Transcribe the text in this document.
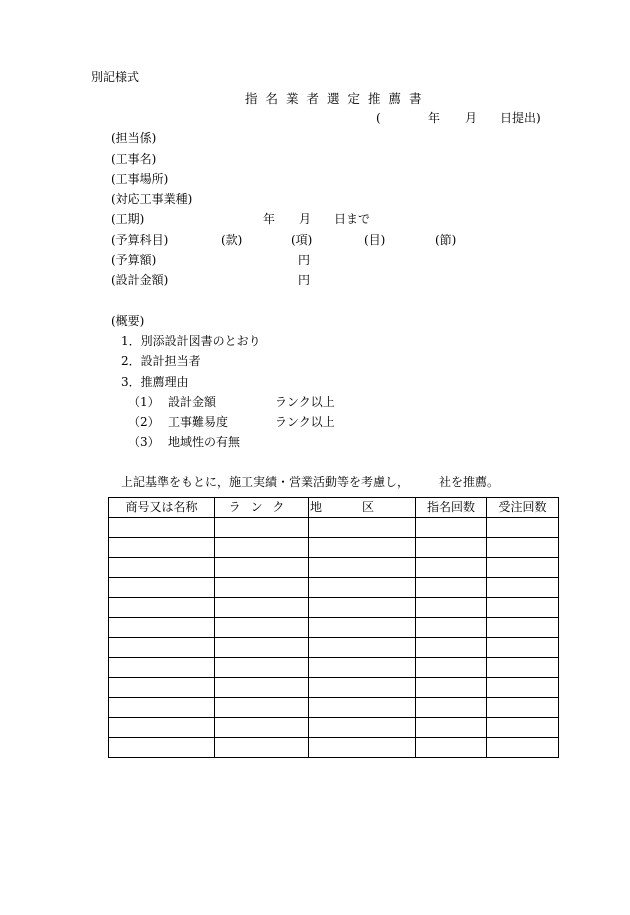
別記様式
指名業者選定推薦書
(	年 月 日提出)
(担当係)
(工事名)
(工事場所)
(対応工事業種)
(工期)	年 月 日まで
(予算科目)	(款)	(項)	(目)	(節)
(予算額)	円
(設計金額)	円
(概要)
1．別添設計図書のとおり
2．設計担当者
3．推薦理由
（1） 設計金額	ランク以上
（2） 工事難易度	ランク以上
（3） 地域性の有無
上記基準をもとに，施工実績・営業活動等を考慮し， 社を推薦。
商号又は名称	ランク	地区	指名回数	受注回数
